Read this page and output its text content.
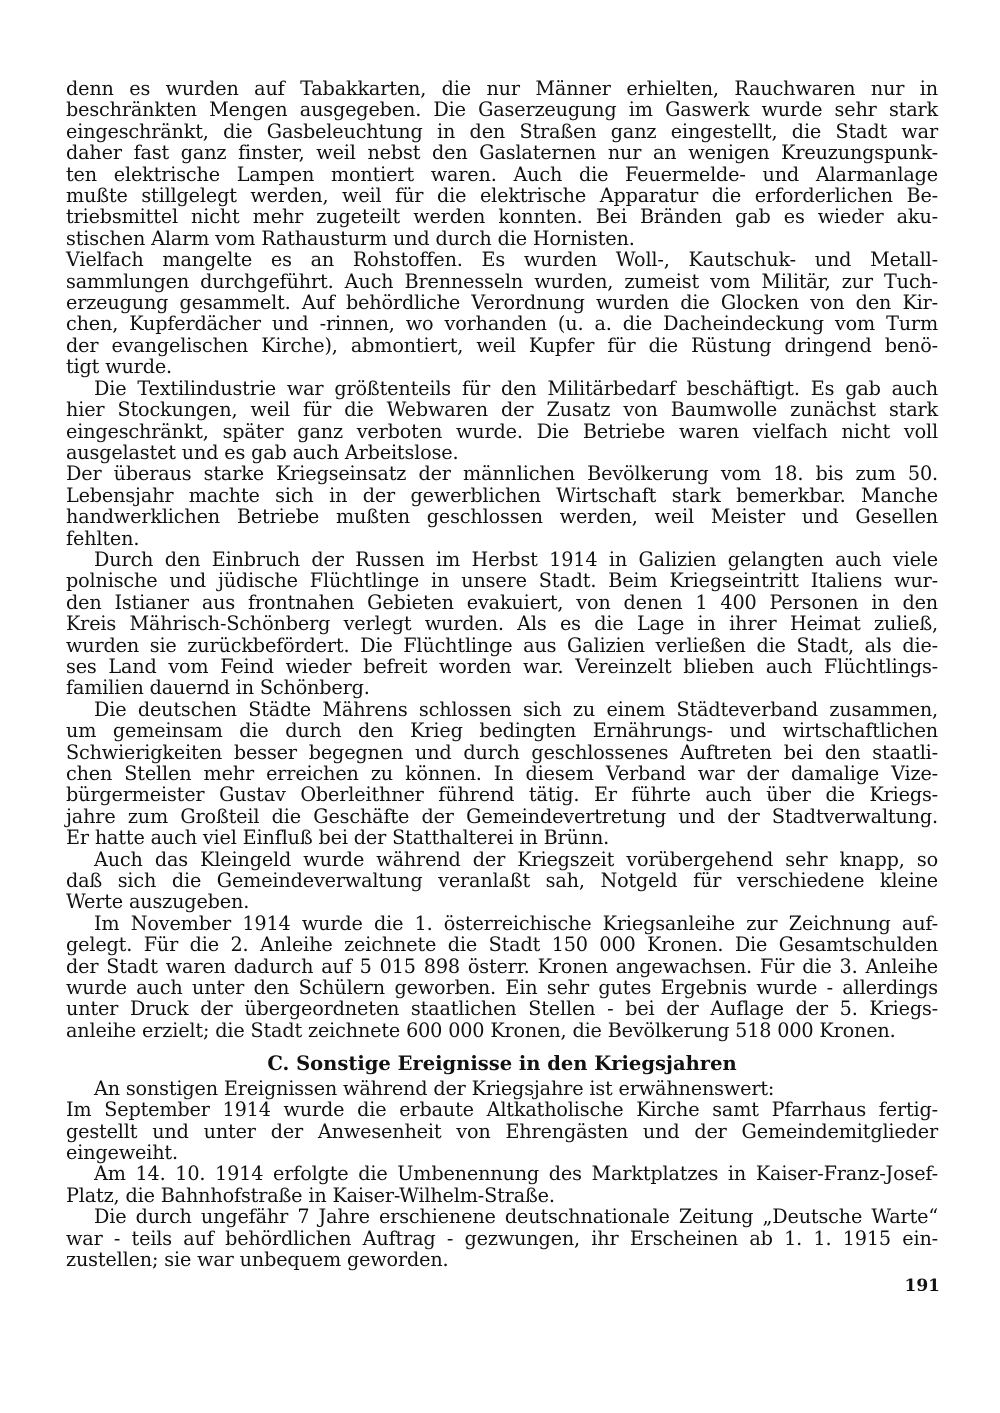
denn es wurden auf Tabakkarten, die nur Männer erhielten, Rauchwaren nur in
beschränkten Mengen ausgegeben. Die Gaserzeugung im Gaswerk wurde sehr stark
eingeschränkt, die Gasbeleuchtung in den Straßen ganz eingestellt, die Stadt war
daher fast ganz finster, weil nebst den Gaslaternen nur an wenigen Kreuzungspunk-
ten elektrische Lampen montiert waren. Auch die Feuermelde- und Alarmanlage
mußte stillgelegt werden, weil für die elektrische Apparatur die erforderlichen Be-
triebsmittel nicht mehr zugeteilt werden konnten. Bei Bränden gab es wieder aku-
stischen Alarm vom Rathausturm und durch die Hornisten.
Vielfach mangelte es an Rohstoffen. Es wurden Woll-, Kautschuk- und Metall-
sammlungen durchgeführt. Auch Brennesseln wurden, zumeist vom Militär, zur Tuch-
erzeugung gesammelt. Auf behördliche Verordnung wurden die Glocken von den Kir-
chen, Kupferdächer und -rinnen, wo vorhanden (u. a. die Dacheindeckung vom Turm
der evangelischen Kirche), abmontiert, weil Kupfer für die Rüstung dringend benö-
tigt wurde.
Die Textilindustrie war größtenteils für den Militärbedarf beschäftigt. Es gab auch
hier Stockungen, weil für die Webwaren der Zusatz von Baumwolle zunächst stark
eingeschränkt, später ganz verboten wurde. Die Betriebe waren vielfach nicht voll
ausgelastet und es gab auch Arbeitslose.
Der überaus starke Kriegseinsatz der männlichen Bevölkerung vom 18. bis zum 50.
Lebensjahr machte sich in der gewerblichen Wirtschaft stark bemerkbar. Manche
handwerklichen Betriebe mußten geschlossen werden, weil Meister und Gesellen
fehlten.
Durch den Einbruch der Russen im Herbst 1914 in Galizien gelangten auch viele
polnische und jüdische Flüchtlinge in unsere Stadt. Beim Kriegseintritt Italiens wur-
den Istianer aus frontnahen Gebieten evakuiert, von denen 1 400 Personen in den
Kreis Mährisch-Schönberg verlegt wurden. Als es die Lage in ihrer Heimat zuließ,
wurden sie zurückbefördert. Die Flüchtlinge aus Galizien verließen die Stadt, als die-
ses Land vom Feind wieder befreit worden war. Vereinzelt blieben auch Flüchtlings-
familien dauernd in Schönberg.
Die deutschen Städte Mährens schlossen sich zu einem Städteverband zusammen,
um gemeinsam die durch den Krieg bedingten Ernährungs- und wirtschaftlichen
Schwierigkeiten besser begegnen und durch geschlossenes Auftreten bei den staatli-
chen Stellen mehr erreichen zu können. In diesem Verband war der damalige Vize-
bürgermeister Gustav Oberleithner führend tätig. Er führte auch über die Kriegs-
jahre zum Großteil die Geschäfte der Gemeindevertretung und der Stadtverwaltung.
Er hatte auch viel Einfluß bei der Statthalterei in Brünn.
Auch das Kleingeld wurde während der Kriegszeit vorübergehend sehr knapp, so
daß sich die Gemeindeverwaltung veranlaßt sah, Notgeld für verschiedene kleine
Werte auszugeben.
Im November 1914 wurde die 1. österreichische Kriegsanleihe zur Zeichnung auf-
gelegt. Für die 2. Anleihe zeichnete die Stadt 150 000 Kronen. Die Gesamtschulden
der Stadt waren dadurch auf 5 015 898 österr. Kronen angewachsen. Für die 3. Anleihe
wurde auch unter den Schülern geworben. Ein sehr gutes Ergebnis wurde - allerdings
unter Druck der übergeordneten staatlichen Stellen - bei der Auflage der 5. Kriegs-
anleihe erzielt; die Stadt zeichnete 600 000 Kronen, die Bevölkerung 518 000 Kronen.
C. Sonstige Ereignisse in den Kriegsjahren
An sonstigen Ereignissen während der Kriegsjahre ist erwähnenswert:
Im September 1914 wurde die erbaute Altkatholische Kirche samt Pfarrhaus fertig-
gestellt und unter der Anwesenheit von Ehrengästen und der Gemeindemitglieder
eingeweiht.
Am 14. 10. 1914 erfolgte die Umbenennung des Marktplatzes in Kaiser-Franz-Josef-
Platz, die Bahnhofstraße in Kaiser-Wilhelm-Straße.
Die durch ungefähr 7 Jahre erschienene deutschnationale Zeitung „Deutsche Warte“
war - teils auf behördlichen Auftrag - gezwungen, ihr Erscheinen ab 1. 1. 1915 ein-
zustellen; sie war unbequem geworden.
191
